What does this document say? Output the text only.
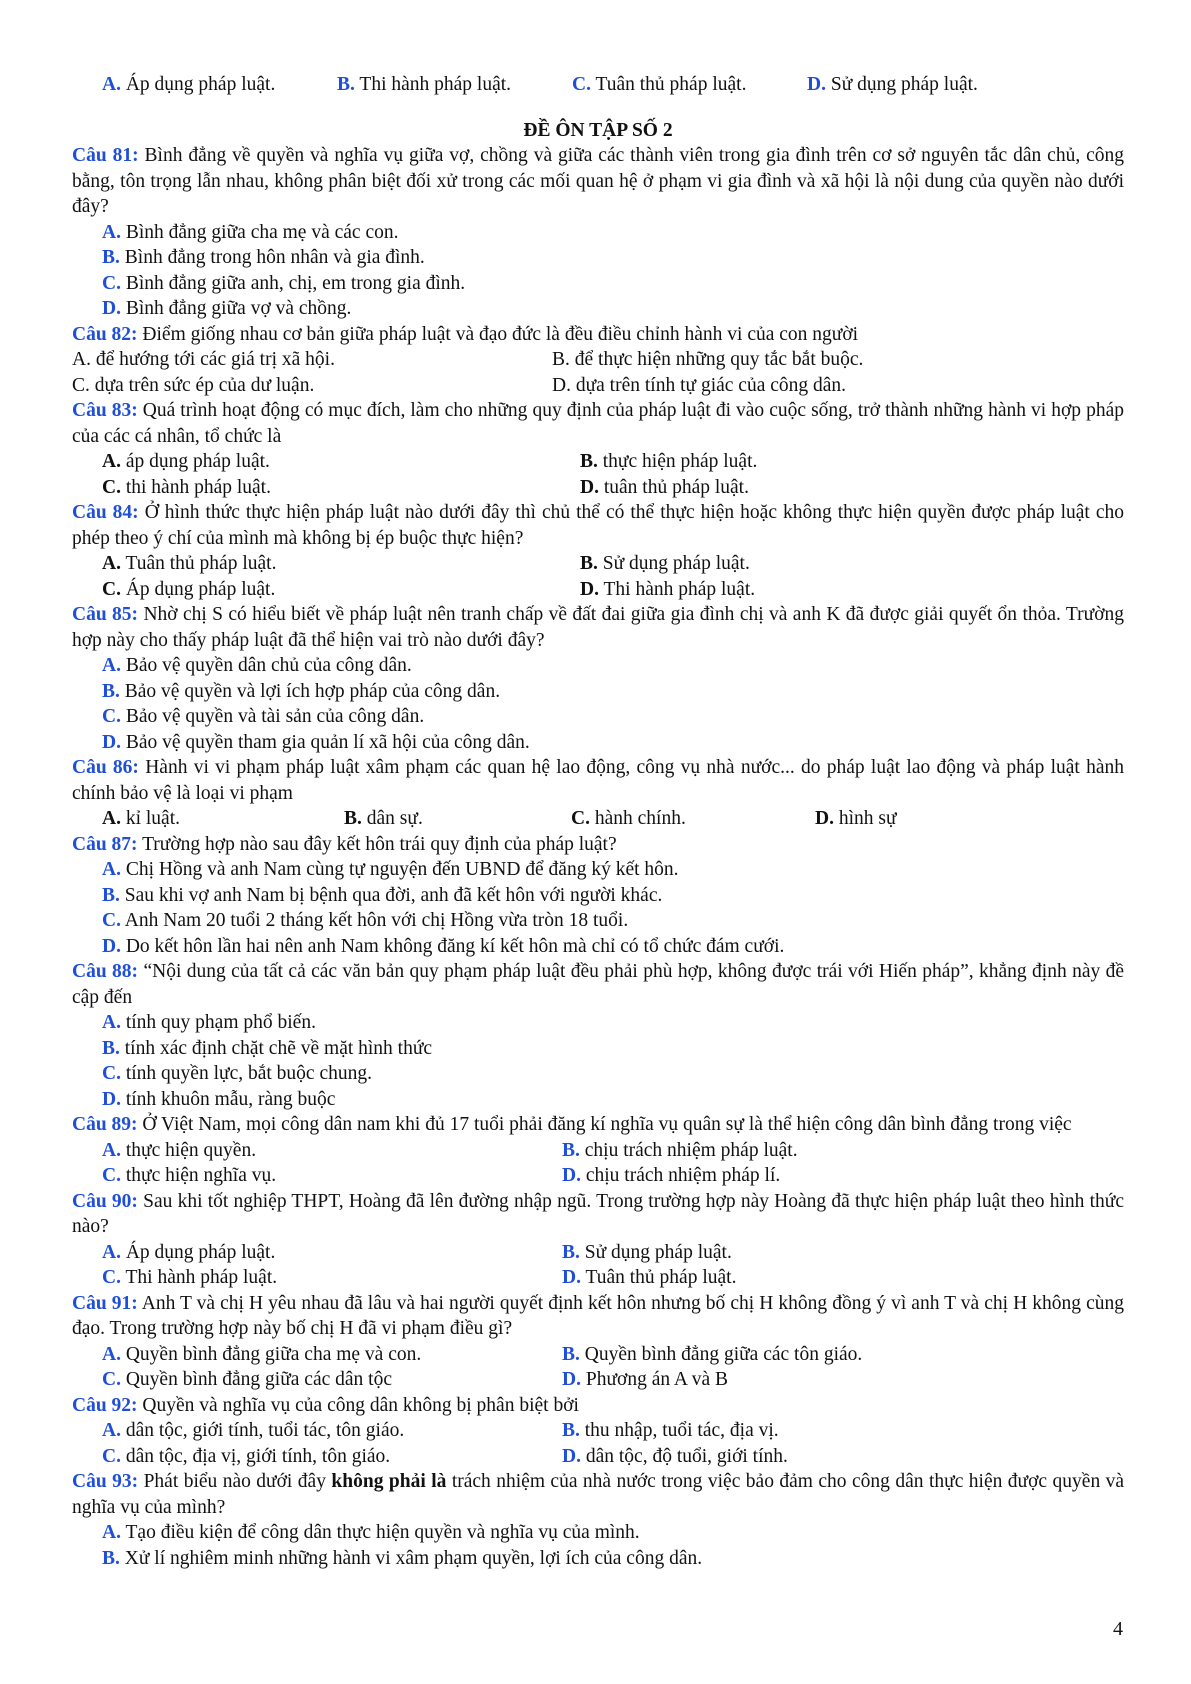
A. Áp dụng pháp luật.	B. Thi hành pháp luật.	C. Tuân thủ pháp luật.	D. Sử dụng pháp luật.
ĐỀ ÔN TẬP SỐ 2
Câu 81: Bình đẳng về quyền và nghĩa vụ giữa vợ, chồng và giữa các thành viên trong gia đình trên cơ sở nguyên tắc dân chủ, công bằng, tôn trọng lẫn nhau, không phân biệt đối xử trong các mối quan hệ ở phạm vi gia đình và xã hội là nội dung của quyền nào dưới đây?
A. Bình đẳng giữa cha mẹ và các con.
B. Bình đẳng trong hôn nhân và gia đình.
C. Bình đẳng giữa anh, chị, em trong gia đình.
D. Bình đẳng giữa vợ và chồng.
Câu 82: Điểm giống nhau cơ bản giữa pháp luật và đạo đức là đều điều chỉnh hành vi của con người
A. để hướng tới các giá trị xã hội.	B. để thực hiện những quy tắc bắt buộc.
C. dựa trên sức ép của dư luận.	D. dựa trên tính tự giác của công dân.
Câu 83: Quá trình hoạt động có mục đích, làm cho những quy định của pháp luật đi vào cuộc sống, trở thành những hành vi hợp pháp của các cá nhân, tổ chức là
A. áp dụng pháp luật.	B. thực hiện pháp luật.
C. thi hành pháp luật.	D. tuân thủ pháp luật.
Câu 84: Ở hình thức thực hiện pháp luật nào dưới đây thì chủ thể có thể thực hiện hoặc không thực hiện quyền được pháp luật cho phép theo ý chí của mình mà không bị ép buộc thực hiện?
A. Tuân thủ pháp luật.	B. Sử dụng pháp luật.
C. Áp dụng pháp luật.	D. Thi hành pháp luật.
Câu 85: Nhờ chị S có hiểu biết về pháp luật nên tranh chấp về đất đai giữa gia đình chị và anh K đã được giải quyết ổn thỏa. Trường hợp này cho thấy pháp luật đã thể hiện vai trò nào dưới đây?
A. Bảo vệ quyền dân chủ của công dân.
B. Bảo vệ quyền và lợi ích hợp pháp của công dân.
C. Bảo vệ quyền và tài sản của công dân.
D. Bảo vệ quyền tham gia quản lí xã hội của công dân.
Câu 86: Hành vi vi phạm pháp luật xâm phạm các quan hệ lao động, công vụ nhà nước... do pháp luật lao động và pháp luật hành chính bảo vệ là loại vi phạm
A. kỉ luật.	B. dân sự.	C. hành chính.	D. hình sự
Câu 87: Trường hợp nào sau đây kết hôn trái quy định của pháp luật?
A. Chị Hồng và anh Nam cùng tự nguyện đến UBND để đăng ký kết hôn.
B. Sau khi vợ anh Nam bị bệnh qua đời, anh đã kết hôn với người khác.
C. Anh Nam 20 tuổi 2 tháng kết hôn với chị Hồng vừa tròn 18 tuổi.
D. Do kết hôn lần hai nên anh Nam không đăng kí kết hôn mà chỉ có tổ chức đám cưới.
Câu 88: “Nội dung của tất cả các văn bản quy phạm pháp luật đều phải phù hợp, không được trái với Hiến pháp”, khẳng định này đề cập đến
A. tính quy phạm phổ biến.
B. tính xác định chặt chẽ về mặt hình thức
C. tính quyền lực, bắt buộc chung.
D. tính khuôn mẫu, ràng buộc
Câu 89: Ở Việt Nam, mọi công dân nam khi đủ 17 tuổi phải đăng kí nghĩa vụ quân sự là thể hiện công dân bình đẳng trong việc
A. thực hiện quyền.	B. chịu trách nhiệm pháp luật.
C. thực hiện nghĩa vụ.	D. chịu trách nhiệm pháp lí.
Câu 90: Sau khi tốt nghiệp THPT, Hoàng đã lên đường nhập ngũ. Trong trường hợp này Hoàng đã thực hiện pháp luật theo hình thức nào?
A. Áp dụng pháp luật.	B. Sử dụng pháp luật.
C. Thi hành pháp luật.	D. Tuân thủ pháp luật.
Câu 91: Anh T và chị H yêu nhau đã lâu và hai người quyết định kết hôn nhưng bố chị H không đồng ý vì anh T và chị H không cùng đạo. Trong trường hợp này bố chị H đã vi phạm điều gì?
A. Quyền bình đẳng giữa cha mẹ và con.	B. Quyền bình đẳng giữa các tôn giáo.
C. Quyền bình đẳng giữa các dân tộc	D. Phương án A và B
Câu 92: Quyền và nghĩa vụ của công dân không bị phân biệt bởi
A. dân tộc, giới tính, tuổi tác, tôn giáo.	B. thu nhập, tuổi tác, địa vị.
C. dân tộc, địa vị, giới tính, tôn giáo.	D. dân tộc, độ tuổi, giới tính.
Câu 93: Phát biểu nào dưới đây không phải là trách nhiệm của nhà nước trong việc bảo đảm cho công dân thực hiện được quyền và nghĩa vụ của mình?
A. Tạo điều kiện để công dân thực hiện quyền và nghĩa vụ của mình.
B. Xử lí nghiêm minh những hành vi xâm phạm quyền, lợi ích của công dân.
4
